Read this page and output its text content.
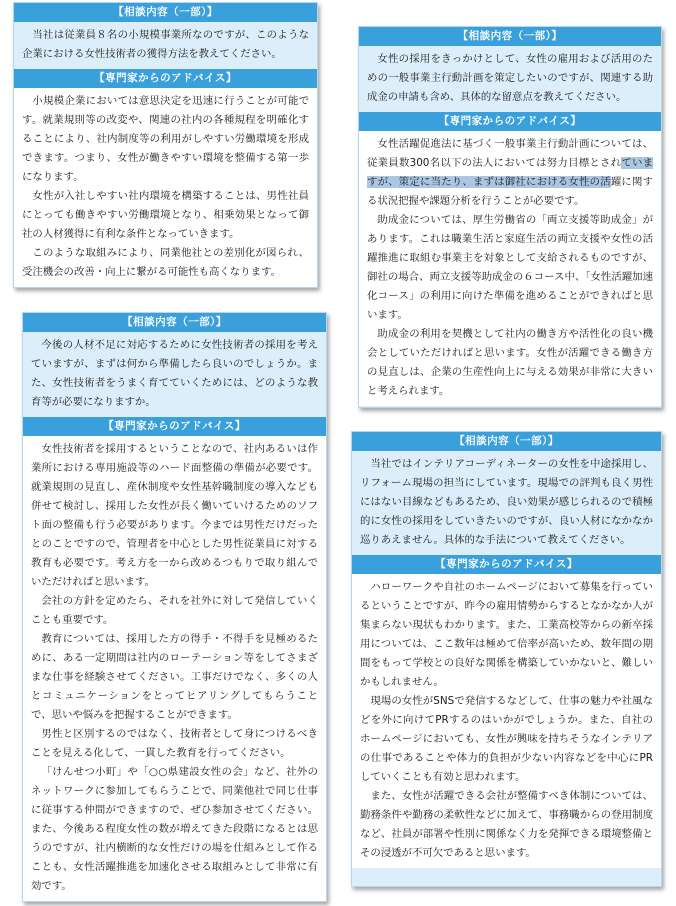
【相談内容（一部）】

当社は従業員８名の小規模事業所なのですが、このような企業における女性技術者の獲得方法を教えてください。

【専門家からのアドバイス】

小規模企業においては意思決定を迅速に行うことが可能です。就業規則等の改変や、関連の社内の各種規程を明確化することにより、社内制度等の利用がしやすい労働環境を形成できます。つまり、女性が働きやすい環境を整備する第一歩になります。

女性が入社しやすい社内環境を構築することは、男性社員にとっても働きやすい労働環境となり、相乗効果となって御社の人材獲得に有利な条件となっていきます。

このような取組みにより、同業他社との差別化が図られ、受注機会の改善・向上に繋がる可能性も高くなります。

【相談内容（一部）】

女性の採用をきっかけとして、女性の雇用および活用のための一般事業主行動計画を策定したいのですが、関連する助成金の申請も含め、具体的な留意点を教えてください。

【専門家からのアドバイス】

女性活躍促進法に基づく一般事業主行動計画については、従業員数300名以下の法人においては努力目標とされていますが、策定に当たり、まずは御社における女性の活躍に関する状況把握や課題分析を行うことが必要です。

助成金については、厚生労働省の「両立支援等助成金」があります。これは職業生活と家庭生活の両立支援や女性の活躍推進に取組む事業主を対象として支給されるものですが、御社の場合、両立支援等助成金の６コース中、「女性活躍加速化コース」の利用に向けた準備を進めることができればと思います。

助成金の利用を契機として社内の働き方や活性化の良い機会としていただければと思います。女性が活躍できる働き方の見直しは、企業の生産性向上に与える効果が非常に大きいと考えられます。

【相談内容（一部）】

今後の人材不足に対応するために女性技術者の採用を考えていますが、まずは何から準備したら良いのでしょうか。また、女性技術者をうまく育てていくためには、どのような教育等が必要になりますか。

【専門家からのアドバイス】

女性技術者を採用するということなので、社内あるいは作業所における専用施設等のハード面整備の準備が必要です。就業規則の見直し、産休制度や女性基幹職制度の導入なども併せて検討し、採用した女性が長く働いていけるためのソフト面の整備も行う必要があります。今までは男性だけだったとのことですので、管理者を中心とした男性従業員に対する教育も必要です。考え方を一から改めるつもりで取り組んでいただければと思います。

会社の方針を定めたら、それを社外に対して発信していくことも重要です。

教育については、採用した方の得手・不得手を見極めるために、ある一定期間は社内のローテーション等をしてさまざまな仕事を経験させてください。工事だけでなく、多くの人とコミュニケーションをとってヒアリングしてもらうことで、思いや悩みを把握することができます。

男性と区別するのではなく、技術者として身につけるべきことを見える化して、一貫した教育を行ってください。

「けんせつ小町」や「○○県建設女性の会」など、社外のネットワークに参加してもらうことで、同業他社で同じ仕事に従事する仲間ができますので、ぜひ参加させてください。また、今後ある程度女性の数が増えてきた段階になるとは思うのですが、社内横断的な女性だけの場を仕組みとして作ることも、女性活躍推進を加速化させる取組みとして非常に有効です。

【相談内容（一部）】

当社ではインテリアコーディネーターの女性を中途採用し、リフォーム現場の担当にしています。現場での評判も良く男性にはない目線などもあるため、良い効果が感じられるので積極的に女性の採用をしていきたいのですが、良い人材になかなか巡りあえません。具体的な手法について教えてください。

【専門家からのアドバイス】

ハローワークや自社のホームページにおいて募集を行っているということですが、昨今の雇用情勢からするとなかなか人が集まらない現状もわかります。また、工業高校等からの新卒採用については、ここ数年は極めて倍率が高いため、数年間の期間をもって学校との良好な関係を構築していかないと、難しいかもしれません。

現場の女性がSNSで発信するなどして、仕事の魅力や社風などを外に向けてPRするのはいかがでしょうか。また、自社のホームページにおいても、女性が興味を持ちそうなインテリアの仕事であることや体力的負担が少ない内容などを中心にPRしていくことも有効と思われます。

また、女性が活躍できる会社が整備すべき体制については、勤務条件や勤務の柔軟性などに加えて、事務職からの登用制度など、社員が部署や性別に関係なく力を発揮できる環境整備とその浸透が不可欠であると思います。
